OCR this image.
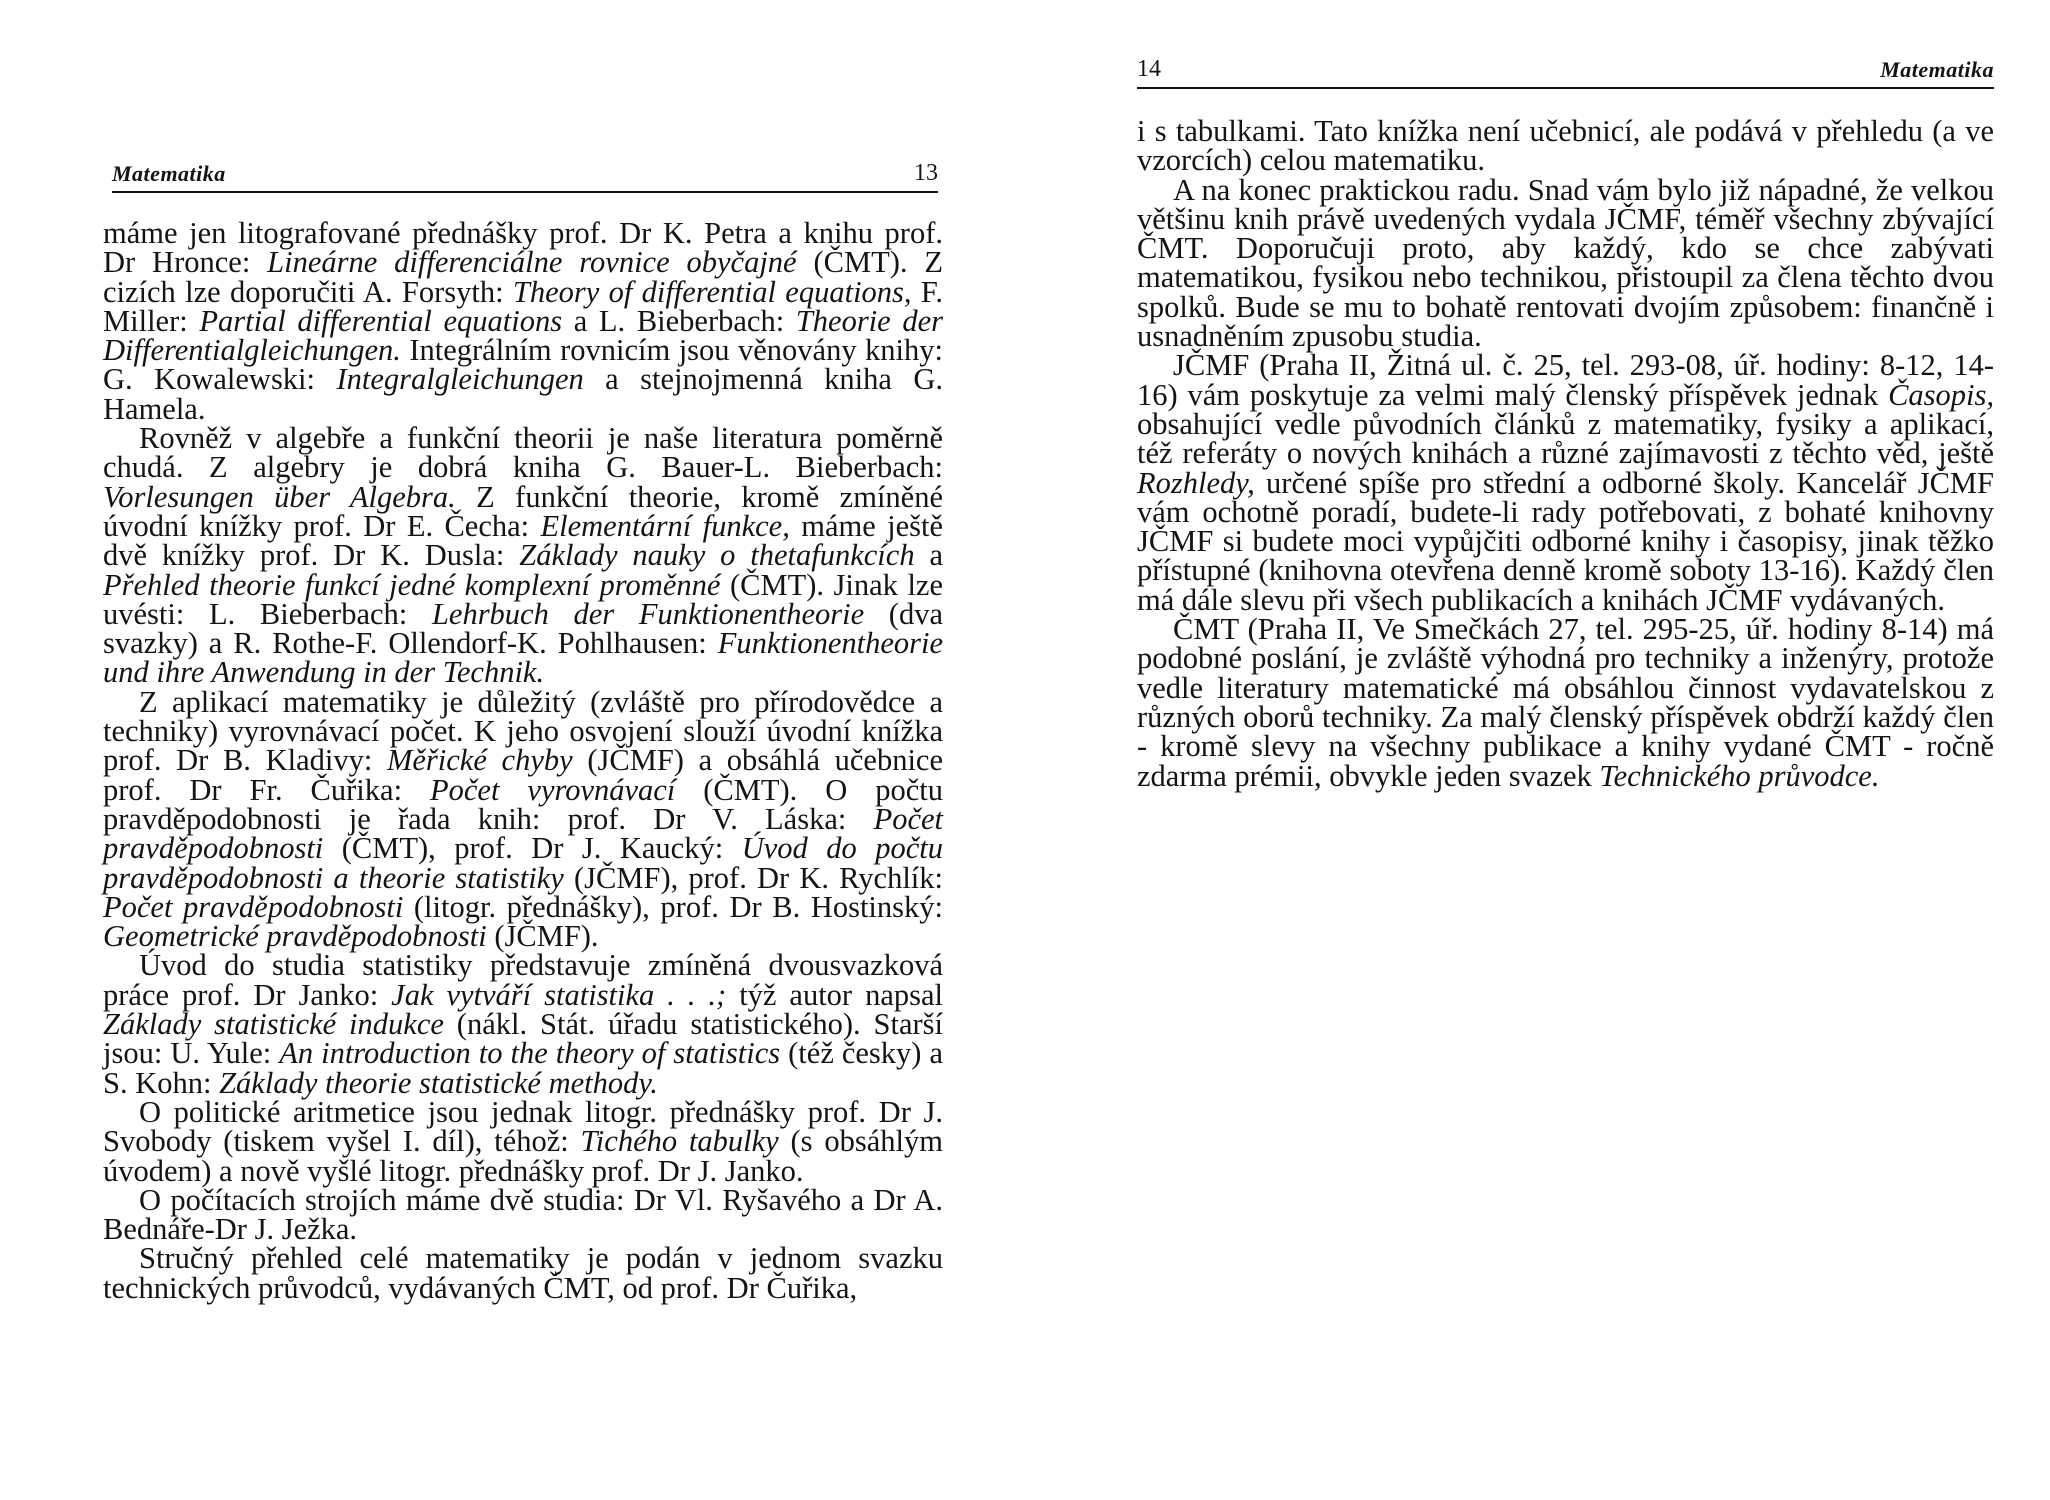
Matematika	13

máme jen litografované přednášky prof. Dr K. Petra a knihu prof. Dr Hronce: Lineárne differenciálne rovnice obyčajné (ČMT). Z cizích lze doporučiti A. Forsyth: Theory of differential equations, F. Miller: Partial differential equations a L. Bieberbach: Theorie der Differentialgleichungen. Integrálním rovnicím jsou věnovány knihy: G. Kowalewski: Integralgleichungen a stejnojmenná kniha G. Hamela.

Rovněž v algebře a funkční theorii je naše literatura poměrně chudá. Z algebry je dobrá kniha G. Bauer-L. Bieberbach: Vorlesungen über Algebra. Z funkční theorie, kromě zmíněné úvodní knížky prof. Dr E. Čecha: Elementární funkce, máme ještě dvě knížky prof. Dr K. Dusla: Základy nauky o thetafunkcích a Přehled theorie funkcí jedné komplexní proměnné (ČMT). Jinak lze uvésti: L. Bieberbach: Lehrbuch der Funktionentheorie (dva svazky) a R. Rothe-F. Ollendorf-K. Pohlhausen: Funktionentheorie und ihre Anwendung in der Technik.

Z aplikací matematiky je důležitý (zvláště pro přírodovědce a techniky) vyrovnávací počet. K jeho osvojení slouží úvodní knížka prof. Dr B. Kladivy: Měřické chyby (JČMF) a obsáhlá učebnice prof. Dr Fr. Čuřika: Počet vyrovnávací (ČMT). O počtu pravděpodobnosti je řada knih: prof. Dr V. Láska: Počet pravděpodobnosti (ČMT), prof. Dr J. Kaucký: Úvod do počtu pravděpodobnosti a theorie statistiky (JČMF), prof. Dr K. Rychlík: Počet pravděpodobnosti (litogr. přednášky), prof. Dr B. Hostinský: Geometrické pravděpodobnosti (JČMF).

Úvod do studia statistiky představuje zmíněná dvousvazková práce prof. Dr Janko: Jak vytváří statistika . . .; týž autor napsal Základy statistické indukce (nákl. Stát. úřadu statistického). Starší jsou: U. Yule: An introduction to the theory of statistics (též česky) a S. Kohn: Základy theorie statistické methody.

O politické aritmetice jsou jednak litogr. přednášky prof. Dr J. Svobody (tiskem vyšel I. díl), téhož: Tichého tabulky (s obsáhlým úvodem) a nově vyšlé litogr. přednášky prof. Dr J. Janko.

O počítacích strojích máme dvě studia: Dr Vl. Ryšavého a Dr A. Bednáře-Dr J. Ježka.

Stručný přehled celé matematiky je podán v jednom svazku technických průvodců, vydávaných ČMT, od prof. Dr Čuřika,

14	Matematika

i s tabulkami. Tato knížka není učebnicí, ale podává v přehledu (a ve vzorcích) celou matematiku.

A na konec praktickou radu. Snad vám bylo již nápadné, že velkou většinu knih právě uvedených vydala JČMF, téměř všechny zbývající ČMT. Doporučuji proto, aby každý, kdo se chce zabývati matematikou, fysikou nebo technikou, přistoupil za člena těchto dvou spolků. Bude se mu to bohatě rentovati dvojím způsobem: finančně i usnadněním zpusobu studia.

JČMF (Praha II, Žitná ul. č. 25, tel. 293-08, úř. hodiny: 8-12, 14-16) vám poskytuje za velmi malý členský příspěvek jednak Časopis, obsahující vedle původních článků z matematiky, fysiky a aplikací, též referáty o nových knihách a různé zajímavosti z těchto věd, ještě Rozhledy, určené spíše pro střední a odborné školy. Kancelář JČMF vám ochotně poradí, budete-li rady potřebovati, z bohaté knihovny JČMF si budete moci vypůjčiti odborné knihy i časopisy, jinak těžko přístupné (knihovna otevřena denně kromě soboty 13-16). Každý člen má dále slevu při všech publikacích a knihách JČMF vydávaných.

ČMT (Praha II, Ve Smečkách 27, tel. 295-25, úř. hodiny 8-14) má podobné poslání, je zvláště výhodná pro techniky a inženýry, protože vedle literatury matematické má obsáhlou činnost vydavatelskou z různých oborů techniky. Za malý členský příspěvek obdrží každý člen - kromě slevy na všechny publikace a knihy vydané ČMT - ročně zdarma prémii, obvykle jeden svazek Technického průvodce.
